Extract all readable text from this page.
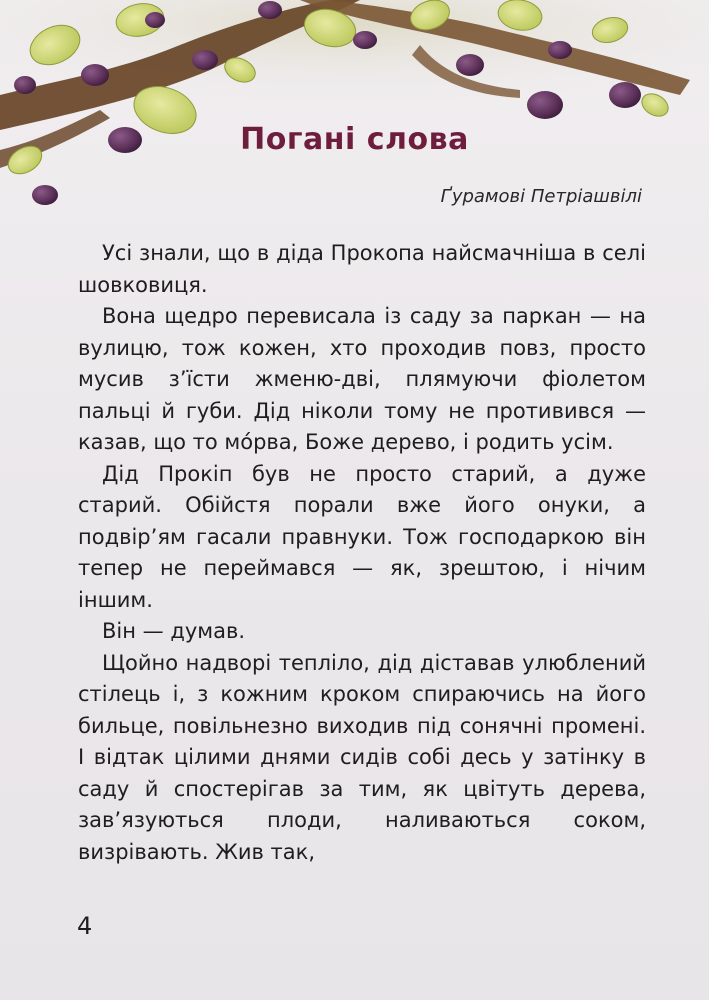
Погані слова
Ґурамові Петріашвілі

Усі знали, що в діда Прокопа найсмачніша в селі шовковиця.

Вона щедро перевисала із саду за паркан — на вулицю, тож кожен, хто проходив повз, просто мусив з’їсти жменю-дві, плямуючи фіолетом пальці й губи. Дід ніколи тому не противився — казав, що то мо́рва, Боже дерево, і родить усім.

Дід Прокіп був не просто старий, а дуже старий. Обійстя порали вже його онуки, а подвір’ям гасали правнуки. Тож господаркою він тепер не переймався — як, зрештою, і нічим іншим.

Він — думав.

Щойно надворі тепліло, дід діставав улюблений стілець і, з кожним кроком спираючись на його бильце, повільнезно виходив під сонячні промені. І відтак цілими днями сидів собі десь у затінку в саду й спостерігав за тим, як цвітуть дерева, зав’язуються плоди, наливаються соком, визрівають. Жив так,

4
